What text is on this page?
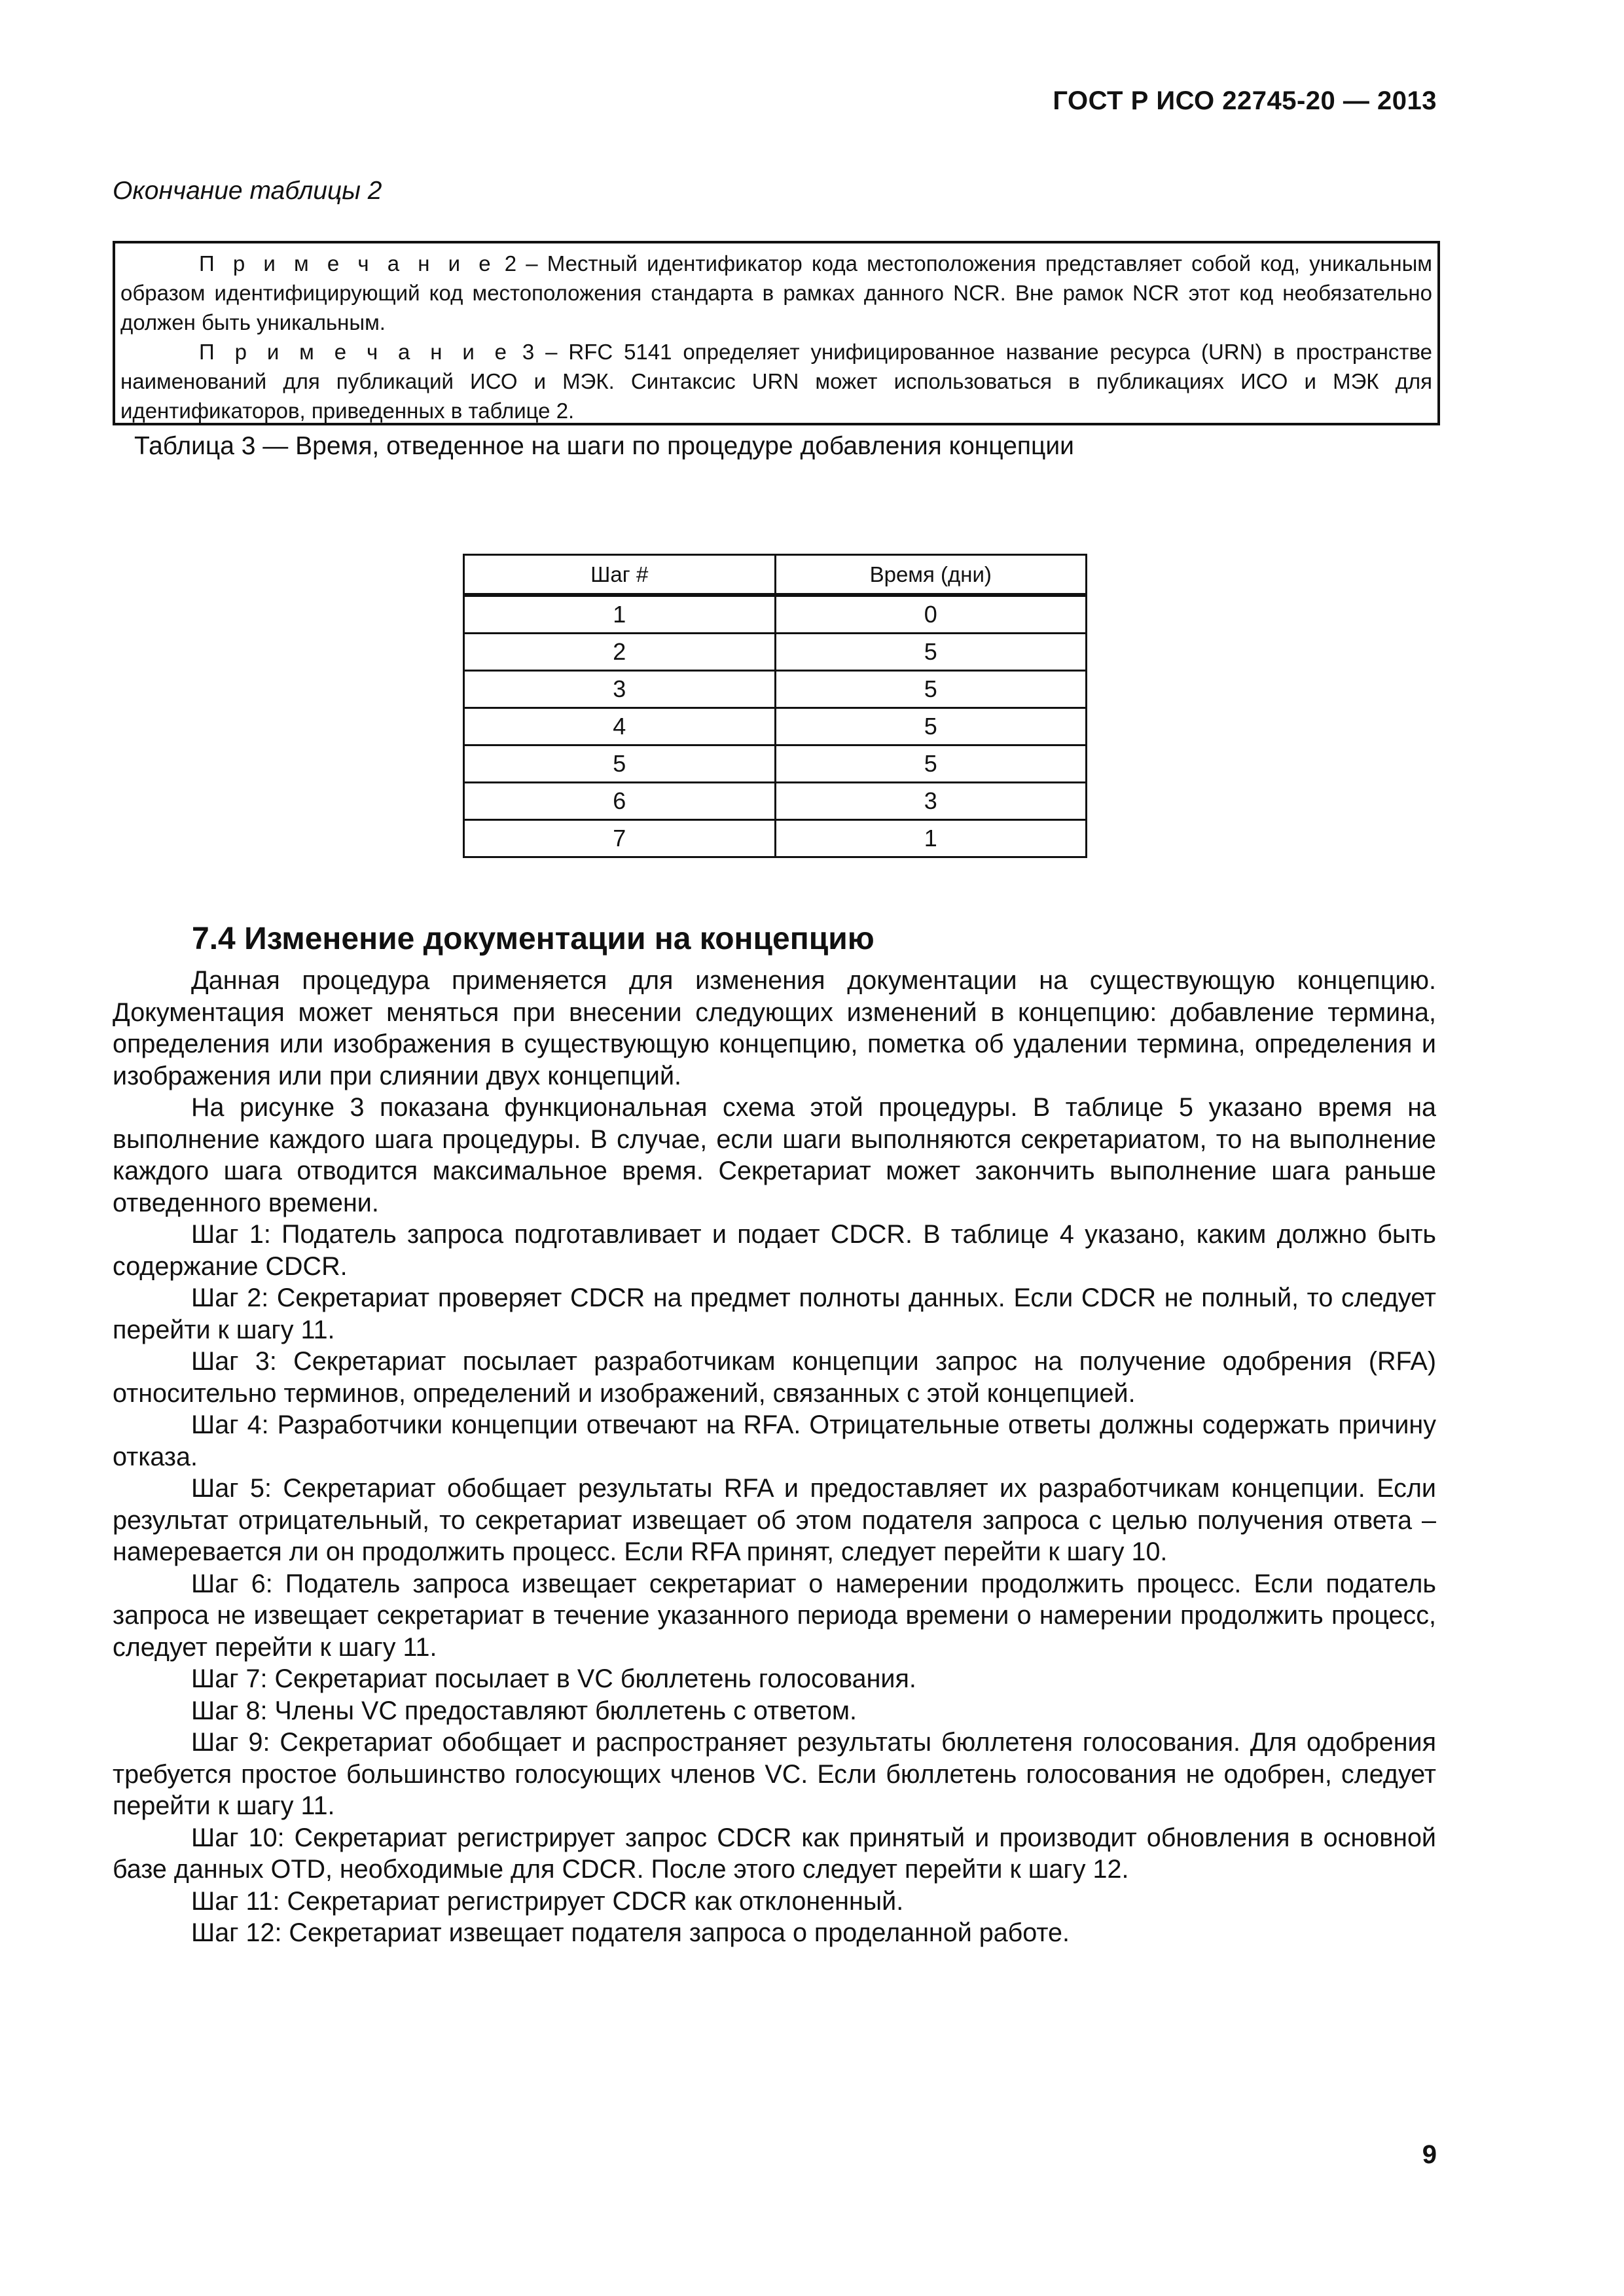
ГОСТ Р ИСО 22745-20 — 2013
Окончание таблицы 2

П р и м е ч а н и е 2 – Местный идентификатор кода местоположения представляет собой код, уникальным образом идентифицирующий код местоположения стандарта в рамках данного NCR. Вне рамок NCR этот код необязательно должен быть уникальным.

П р и м е ч а н и е 3 – RFC 5141 определяет унифицированное название ресурса (URN) в пространстве наименований для публикаций ИСО и МЭК. Синтаксис URN может использоваться в публикациях ИСО и МЭК для идентификаторов, приведенных в таблице 2.

Таблица 3 — Время, отведенное на шаги по процедуре добавления концепции
Шаг #	Время (дни)
1	0
2	5
3	5
4	5
5	5
6	3
7	1
7.4 Изменение документации на концепцию

Данная процедура применяется для изменения документации на существующую концепцию. Документация может меняться при внесении следующих изменений в концепцию: добавление термина, определения или изображения в существующую концепцию, пометка об удалении термина, определения и изображения или при слиянии двух концепций.

На рисунке 3 показана функциональная схема этой процедуры. В таблице 5 указано время на выполнение каждого шага процедуры. В случае, если шаги выполняются секретариатом, то на выполнение каждого шага отводится максимальное время. Секретариат может закончить выполнение шага раньше отведенного времени.

Шаг 1: Податель запроса подготавливает и подает CDCR. В таблице 4 указано, каким должно быть содержание CDCR.

Шаг 2: Секретариат проверяет CDCR на предмет полноты данных. Если CDCR не полный, то следует перейти к шагу 11.

Шаг 3: Секретариат посылает разработчикам концепции запрос на получение одобрения (RFA) относительно терминов, определений и изображений, связанных с этой концепцией.

Шаг 4: Разработчики концепции отвечают на RFA. Отрицательные ответы должны содержать причину отказа.

Шаг 5: Секретариат обобщает результаты RFA и предоставляет их разработчикам концепции. Если результат отрицательный, то секретариат извещает об этом подателя запроса с целью получения ответа – намеревается ли он продолжить процесс. Если RFA принят, следует перейти к шагу 10.

Шаг 6: Податель запроса извещает секретариат о намерении продолжить процесс. Если податель запроса не извещает секретариат в течение указанного периода времени о намерении продолжить процесс, следует перейти к шагу 11.

Шаг 7: Секретариат посылает в VC бюллетень голосования.

Шаг 8: Члены VC предоставляют бюллетень с ответом.

Шаг 9: Секретариат обобщает и распространяет результаты бюллетеня голосования. Для одобрения требуется простое большинство голосующих членов VC. Если бюллетень голосования не одобрен, следует перейти к шагу 11.

Шаг 10: Секретариат регистрирует запрос CDCR как принятый и производит обновления в основной базе данных OTD, необходимые для CDCR. После этого следует перейти к шагу 12.

Шаг 11: Секретариат регистрирует CDCR как отклоненный.

Шаг 12: Секретариат извещает подателя запроса о проделанной работе.

9
